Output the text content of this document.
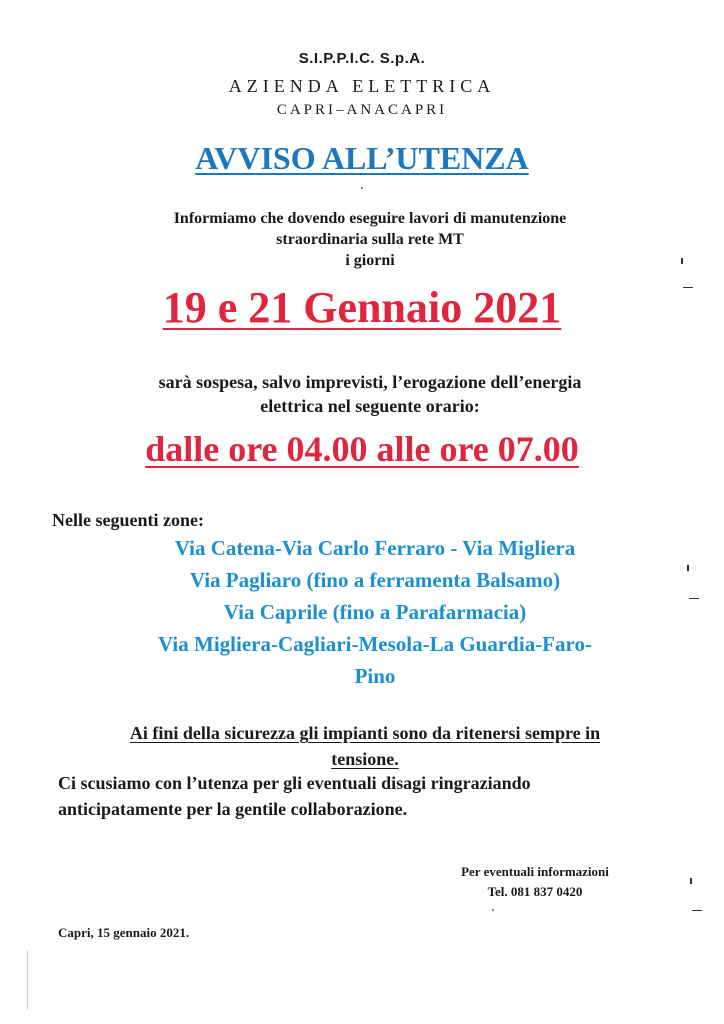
S.I.P.P.I.C. S.p.A.
AZIENDA ELETTRICA
CAPRI–ANACAPRI
AVVISO ALL’UTENZA
Informiamo che dovendo eseguire lavori di manutenzione
straordinaria sulla rete MT
i giorni
19 e 21 Gennaio 2021
sarà sospesa, salvo imprevisti, l’erogazione dell’energia
elettrica nel seguente orario:
dalle ore 04.00 alle ore 07.00
Nelle seguenti zone:
Via Catena-Via Carlo Ferraro - Via Migliera
Via Pagliaro (fino a ferramenta Balsamo)
Via Caprile (fino a Parafarmacia)
Via Migliera-Cagliari-Mesola-La Guardia-Faro-
Pino
Ai fini della sicurezza gli impianti sono da ritenersi sempre in
tensione.
Ci scusiamo con l’utenza per gli eventuali disagi ringraziando
anticipatamente per la gentile collaborazione.
Per eventuali informazioni
Tel. 081 837 0420
Capri, 15 gennaio 2021.
